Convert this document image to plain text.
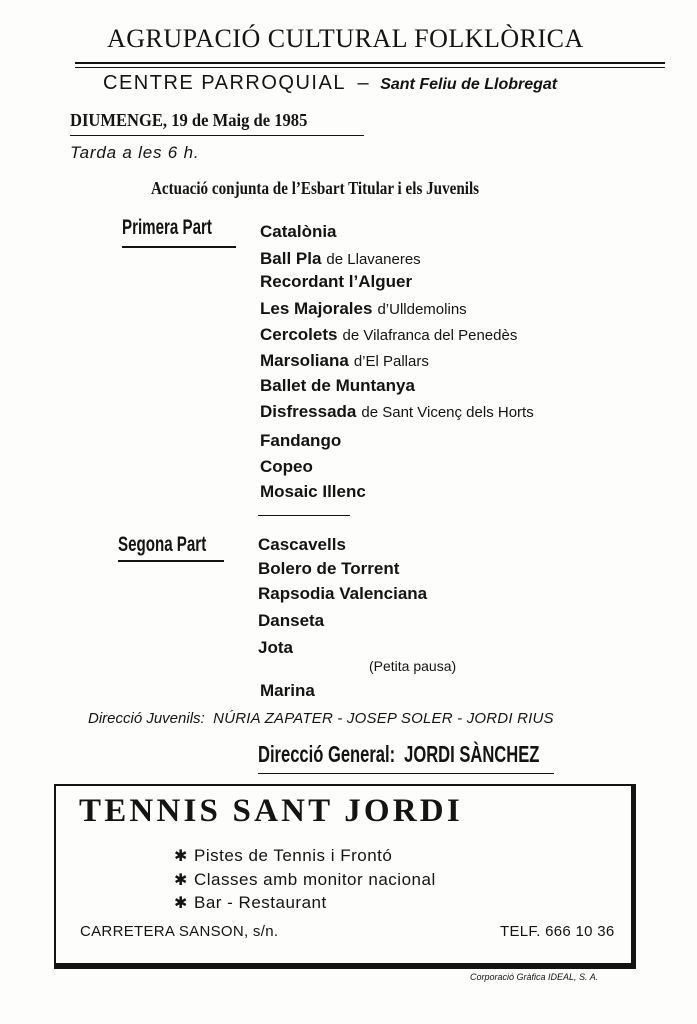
AGRUPACIÓ CULTURAL FOLKLÒRICA
CENTRE PARROQUIAL – Sant Feliu de Llobregat
DIUMENGE, 19 de Maig de 1985
Tarda a les 6 h.
Actuació conjunta de l’Esbart Titular i els Juvenils
Primera Part	Catalònia
Ball Pla de Llavaneres
Recordant l’Alguer
Les Majorales d’Ulldemolins
Cercolets de Vilafranca del Penedès
Marsoliana d’El Pallars
Ballet de Muntanya
Disfressada de Sant Vicenç dels Horts
Fandango
Copeo
Mosaic Illenc
Segona Part	Cascavells
Bolero de Torrent
Rapsodia Valenciana
Danseta
Jota
(Petita pausa)
Marina
Direcció Juvenils: NÚRIA ZAPATER - JOSEP SOLER - JORDI RIUS
Direcció General: JORDI SÀNCHEZ
TENNIS SANT JORDI
✱ Pistes de Tennis i Frontó
✱ Classes amb monitor nacional
✱ Bar - Restaurant
CARRETERA SANSON, s/n.	TELF. 666 10 36
Corporació Gràfica IDEAL, S. A.
